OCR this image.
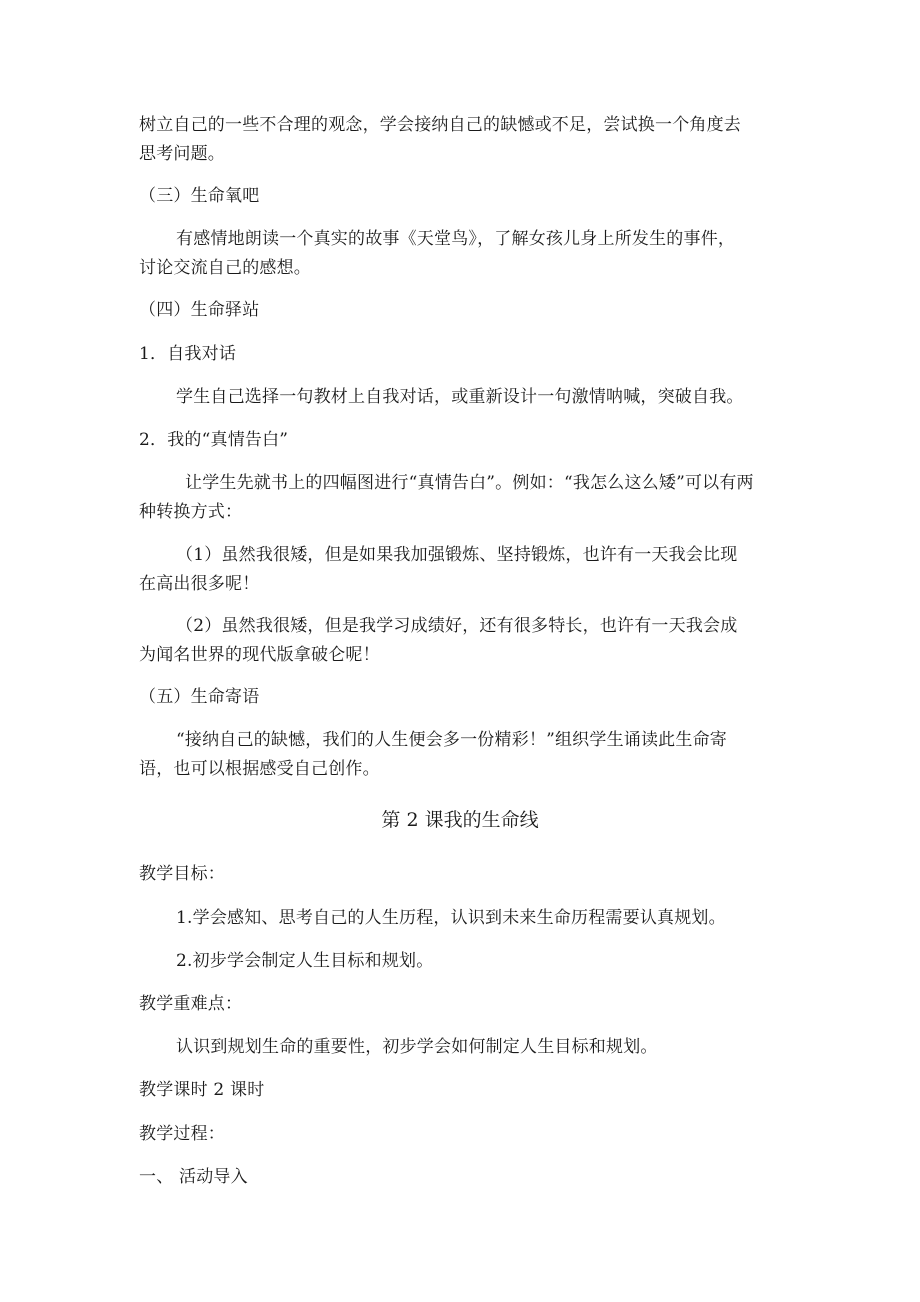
树立自己的一些不合理的观念，学会接纳自己的缺憾或不足，尝试换一个角度去
思考问题。
（三）生命氧吧
有感情地朗读一个真实的故事《天堂鸟》，了解女孩儿身上所发生的事件，
讨论交流自己的感想。
（四）生命驿站
1．自我对话
学生自己选择一句教材上自我对话，或重新设计一句激情呐喊，突破自我。
2．我的“真情告白”
让学生先就书上的四幅图进行“真情告白”。例如：“我怎么这么矮”可以有两
种转换方式：
（1）虽然我很矮，但是如果我加强锻炼、坚持锻炼，也许有一天我会比现
在高出很多呢！
（2）虽然我很矮，但是我学习成绩好，还有很多特长，也许有一天我会成
为闻名世界的现代版拿破仑呢！
（五）生命寄语
“接纳自己的缺憾，我们的人生便会多一份精彩！”组织学生诵读此生命寄
语，也可以根据感受自己创作。
第 2 课我的生命线
教学目标：
1.学会感知、思考自己的人生历程，认识到未来生命历程需要认真规划。
2.初步学会制定人生目标和规划。
教学重难点：
认识到规划生命的重要性，初步学会如何制定人生目标和规划。
教学课时 2 课时
教学过程：
一、 活动导入
